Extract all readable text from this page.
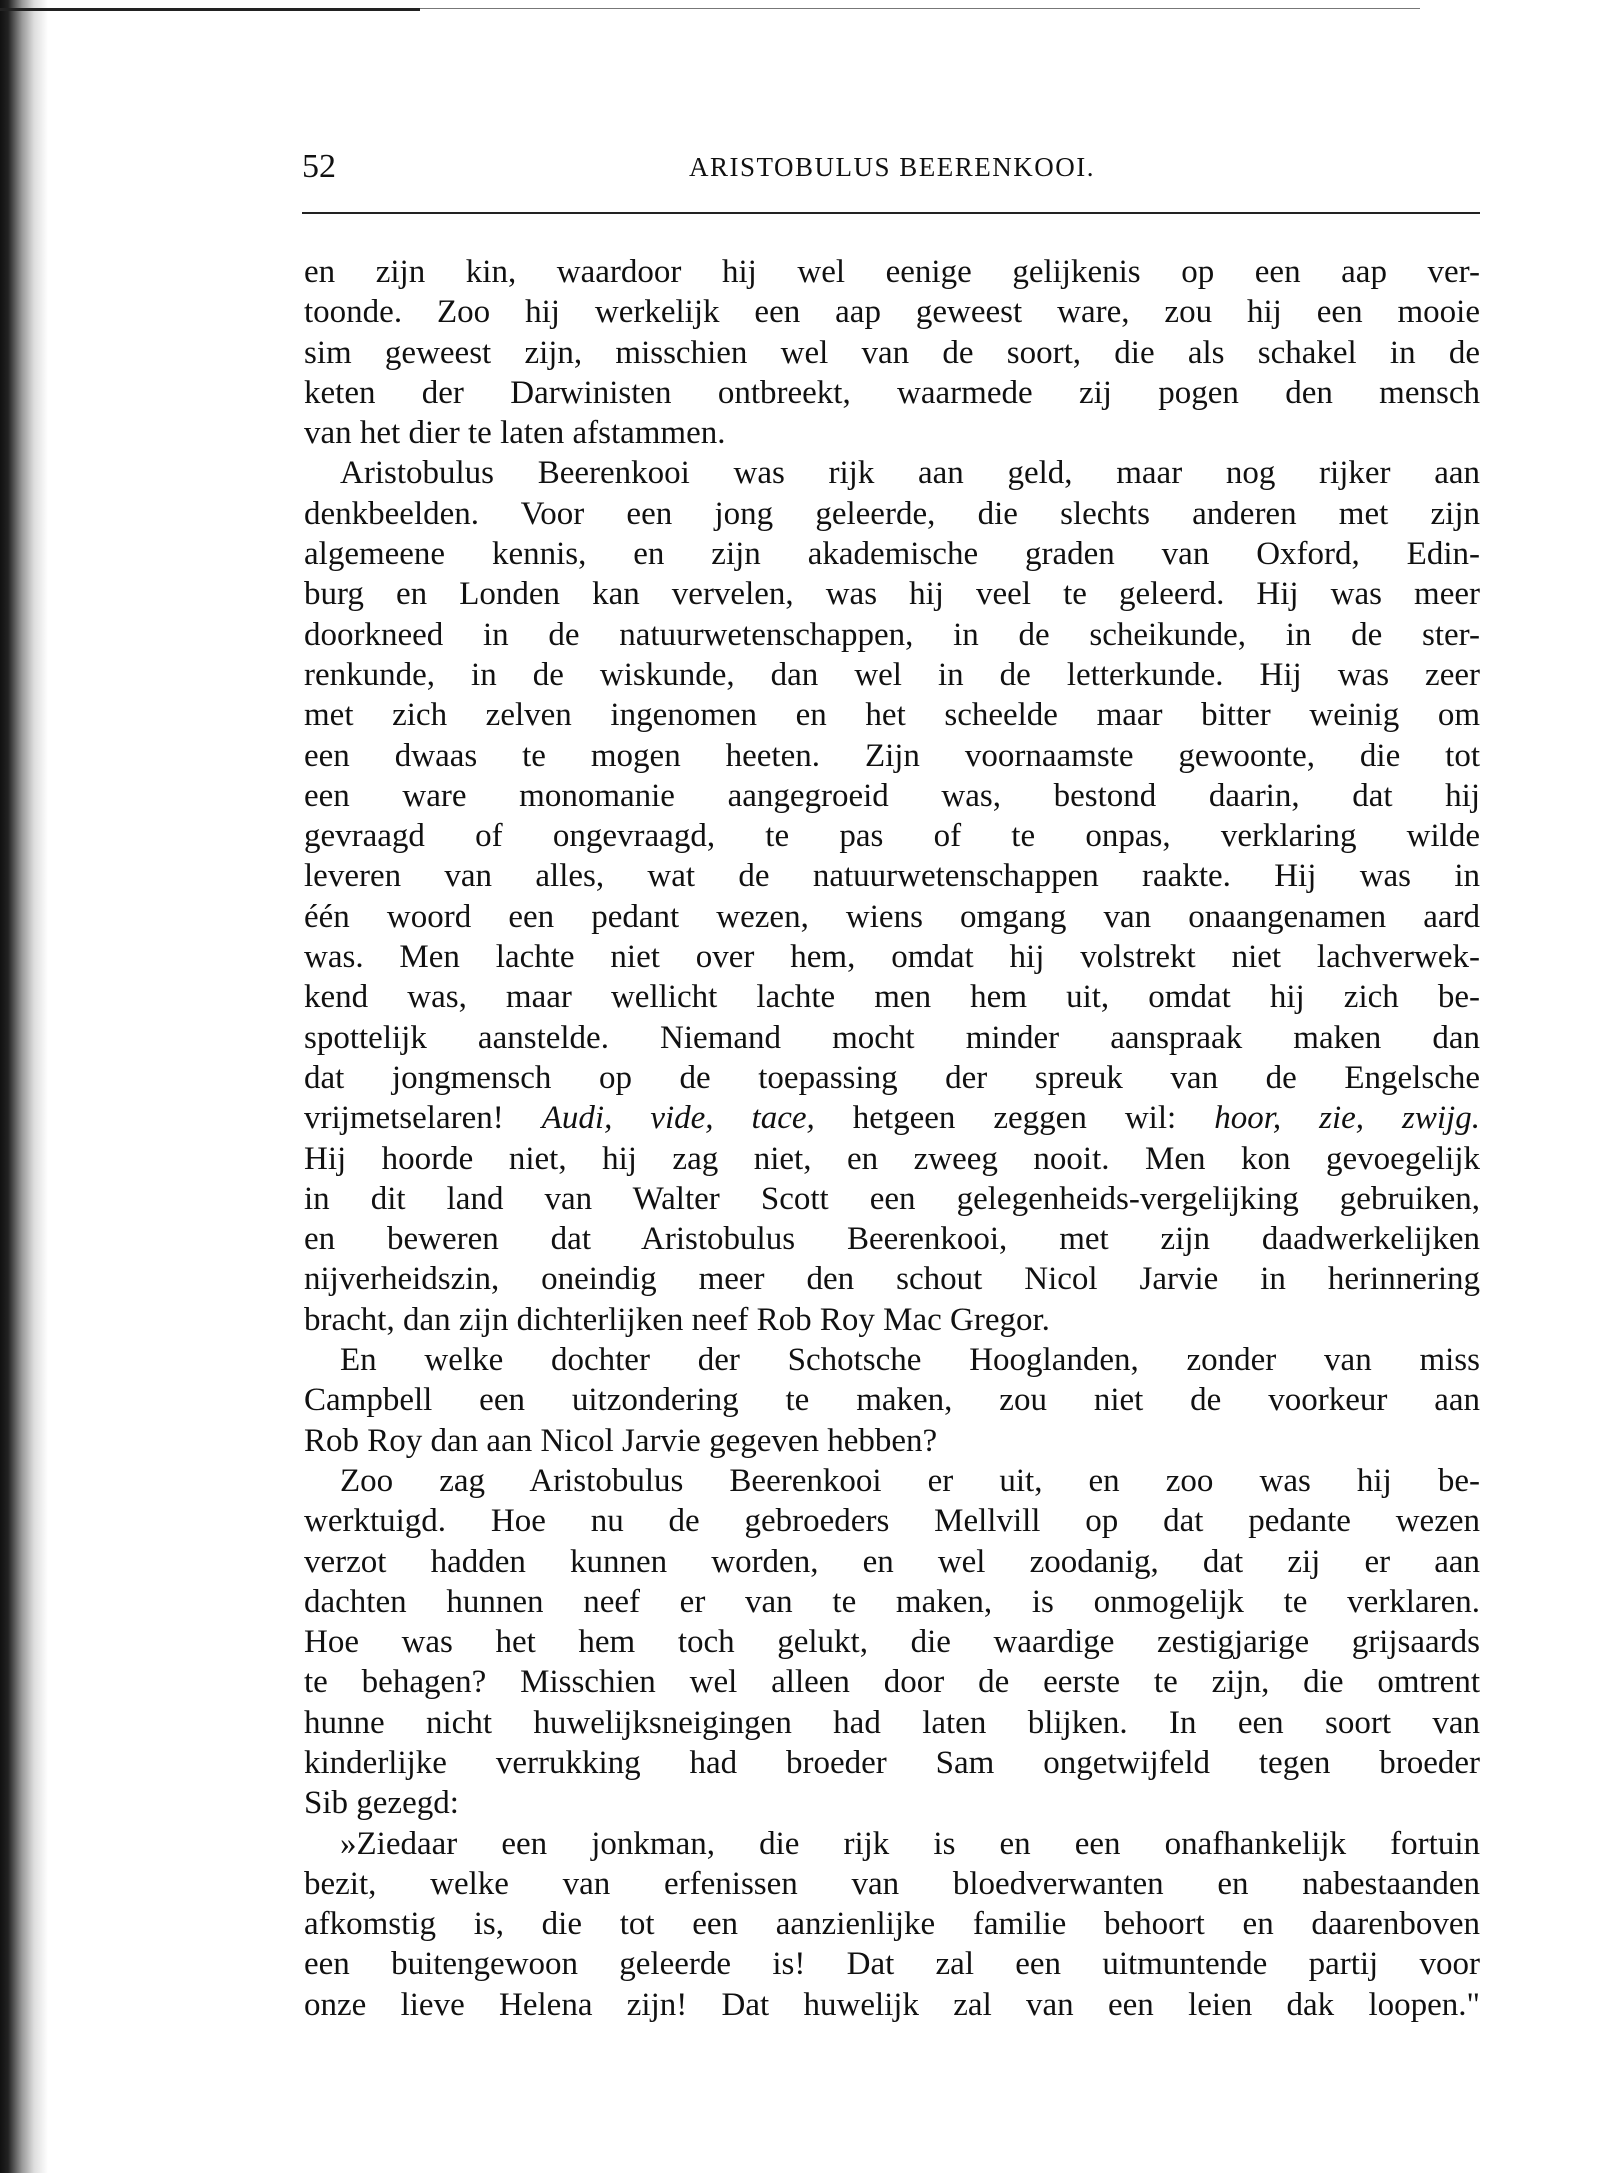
52	ARISTOBULUS BEERENKOOI.
en zijn kin, waardoor hij wel eenige gelijkenis op een aap ver-
toonde. Zoo hij werkelijk een aap geweest ware, zou hij een mooie
sim geweest zijn, misschien wel van de soort, die als schakel in de
keten der Darwinisten ontbreekt, waarmede zij pogen den mensch
van het dier te laten afstammen.
Aristobulus Beerenkooi was rijk aan geld, maar nog rijker aan
denkbeelden. Voor een jong geleerde, die slechts anderen met zijn
algemeene kennis, en zijn akademische graden van Oxford, Edin-
burg en Londen kan vervelen, was hij veel te geleerd. Hij was meer
doorkneed in de natuurwetenschappen, in de scheikunde, in de ster-
renkunde, in de wiskunde, dan wel in de letterkunde. Hij was zeer
met zich zelven ingenomen en het scheelde maar bitter weinig om
een dwaas te mogen heeten. Zijn voornaamste gewoonte, die tot
een ware monomanie aangegroeid was, bestond daarin, dat hij
gevraagd of ongevraagd, te pas of te onpas, verklaring wilde
leveren van alles, wat de natuurwetenschappen raakte. Hij was in
één woord een pedant wezen, wiens omgang van onaangenamen aard
was. Men lachte niet over hem, omdat hij volstrekt niet lachverwek-
kend was, maar wellicht lachte men hem uit, omdat hij zich be-
spottelijk aanstelde. Niemand mocht minder aanspraak maken dan
dat jongmensch op de toepassing der spreuk van de Engelsche
vrijmetselaren! Audi, vide, tace, hetgeen zeggen wil: hoor, zie, zwijg.
Hij hoorde niet, hij zag niet, en zweeg nooit. Men kon gevoegelijk
in dit land van Walter Scott een gelegenheids-vergelijking gebruiken,
en beweren dat Aristobulus Beerenkooi, met zijn daadwerkelijken
nijverheidszin, oneindig meer den schout Nicol Jarvie in herinnering
bracht, dan zijn dichterlijken neef Rob Roy Mac Gregor.
En welke dochter der Schotsche Hooglanden, zonder van miss
Campbell een uitzondering te maken, zou niet de voorkeur aan
Rob Roy dan aan Nicol Jarvie gegeven hebben?
Zoo zag Aristobulus Beerenkooi er uit, en zoo was hij be-
werktuigd. Hoe nu de gebroeders Mellvill op dat pedante wezen
verzot hadden kunnen worden, en wel zoodanig, dat zij er aan
dachten hunnen neef er van te maken, is onmogelijk te verklaren.
Hoe was het hem toch gelukt, die waardige zestigjarige grijsaards
te behagen? Misschien wel alleen door de eerste te zijn, die omtrent
hunne nicht huwelijksneigingen had laten blijken. In een soort van
kinderlijke verrukking had broeder Sam ongetwijfeld tegen broeder
Sib gezegd:
»Ziedaar een jonkman, die rijk is en een onafhankelijk fortuin
bezit, welke van erfenissen van bloedverwanten en nabestaanden
afkomstig is, die tot een aanzienlijke familie behoort en daarenboven
een buitengewoon geleerde is! Dat zal een uitmuntende partij voor
onze lieve Helena zijn! Dat huwelijk zal van een leien dak loopen."
